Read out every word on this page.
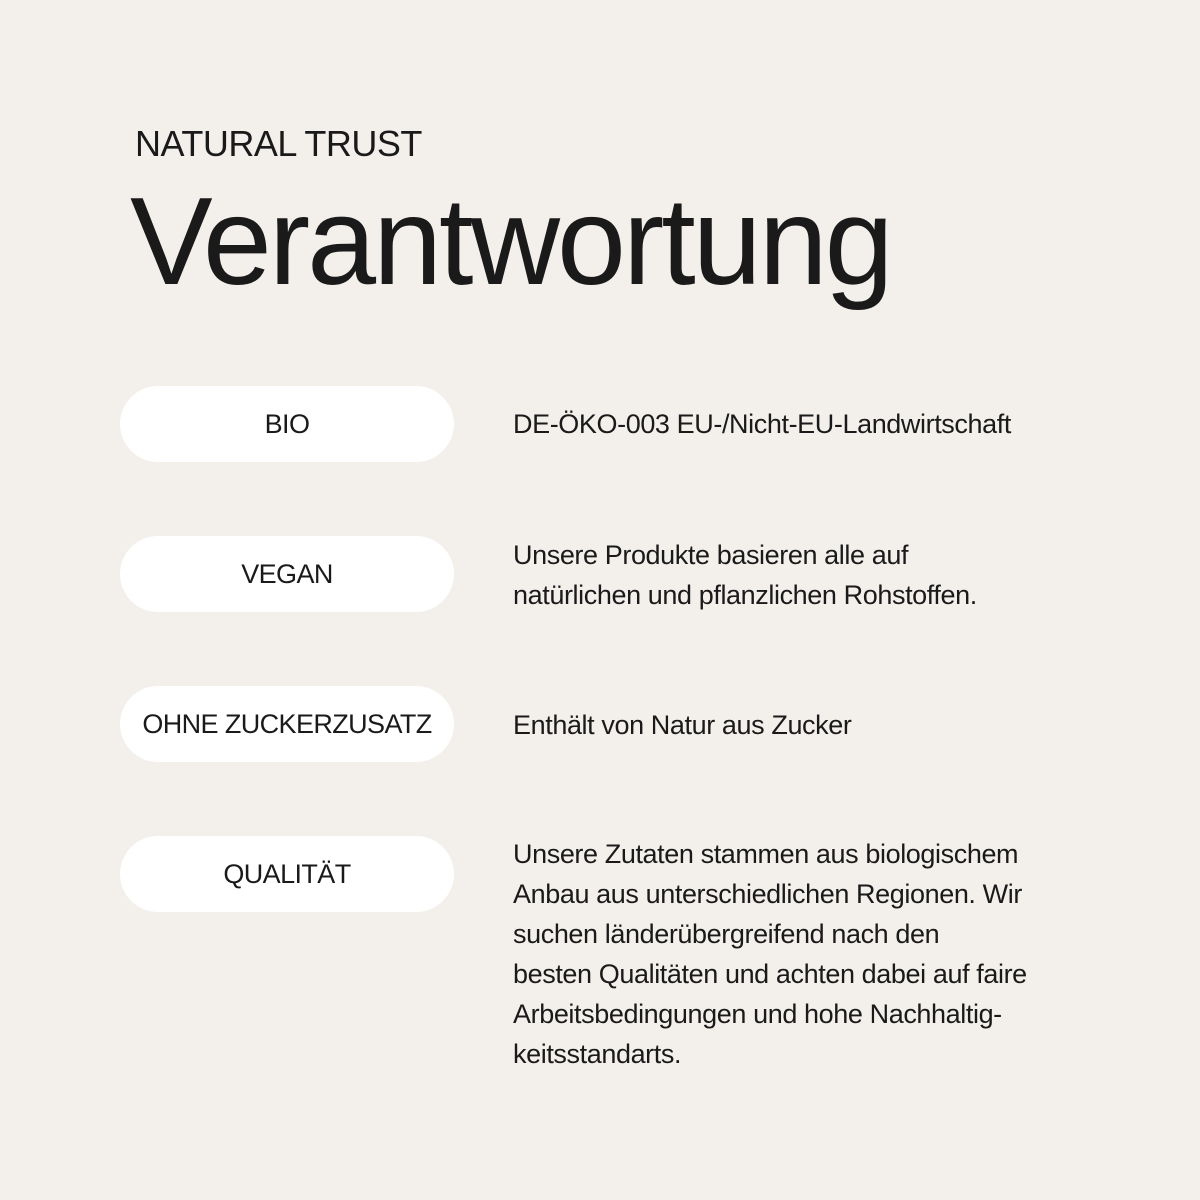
NATURAL TRUST
Verantwortung
BIO	DE-ÖKO-003 EU-/Nicht-EU-Landwirtschaft

VEGAN

Unsere Produkte basieren alle auf
natürlichen und pflanzlichen Rohstoffen.

OHNE ZUCKERZUSATZ	Enthält von Natur aus Zucker

QUALITÄT

Unsere Zutaten stammen aus biologischem
Anbau aus unterschiedlichen Regionen. Wir
suchen länderübergreifend nach den
besten Qualitäten und achten dabei auf faire
Arbeitsbedingungen und hohe Nachhaltig-
keitsstandarts.
